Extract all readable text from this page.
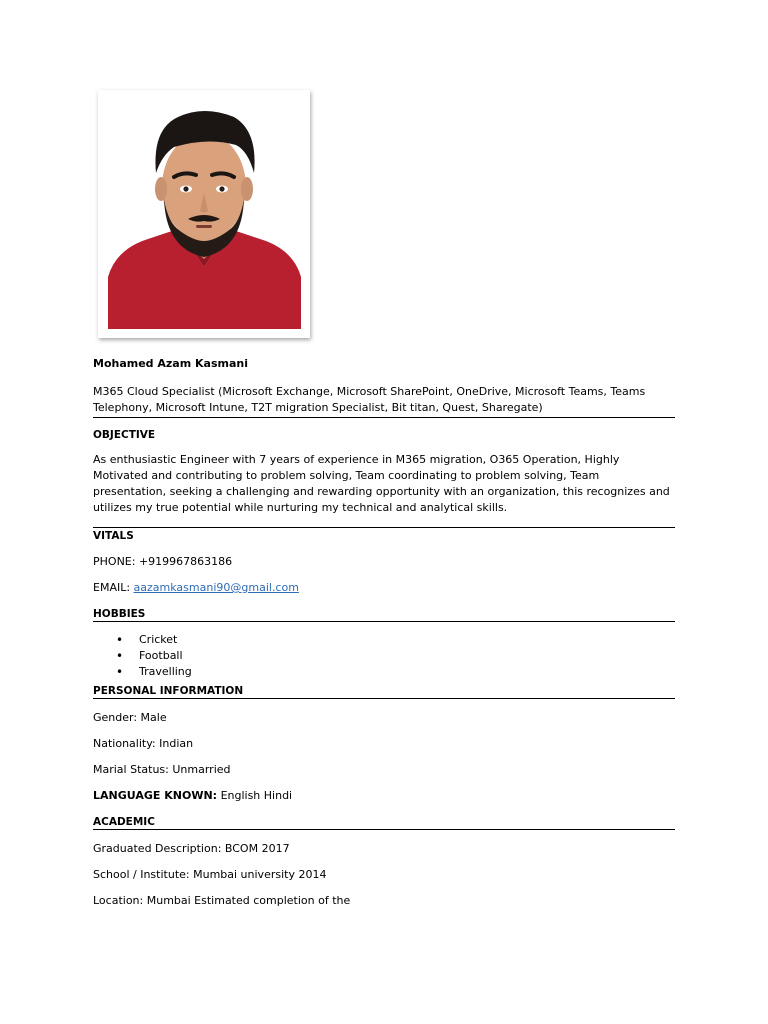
Mohamed Azam Kasmani
M365 Cloud Specialist (Microsoft Exchange, Microsoft SharePoint, OneDrive, Microsoft Teams, Teams Telephony, Microsoft Intune, T2T migration Specialist, Bit titan, Quest, Sharegate)
OBJECTIVE
As enthusiastic Engineer with 7 years of experience in M365 migration, O365 Operation, Highly Motivated and contributing to problem solving, Team coordinating to problem solving, Team presentation, seeking a challenging and rewarding opportunity with an organization, this recognizes and utilizes my true potential while nurturing my technical and analytical skills.
VITALS
PHONE: +919967863186
EMAIL: aazamkasmani90@gmail.com
HOBBIES
• Cricket
• Football
• Travelling
PERSONAL INFORMATION
Gender: Male
Nationality: Indian
Marial Status: Unmarried
LANGUAGE KNOWN: English Hindi
ACADEMIC
Graduated Description: BCOM 2017
School / Institute: Mumbai university 2014
Location: Mumbai Estimated completion of the
